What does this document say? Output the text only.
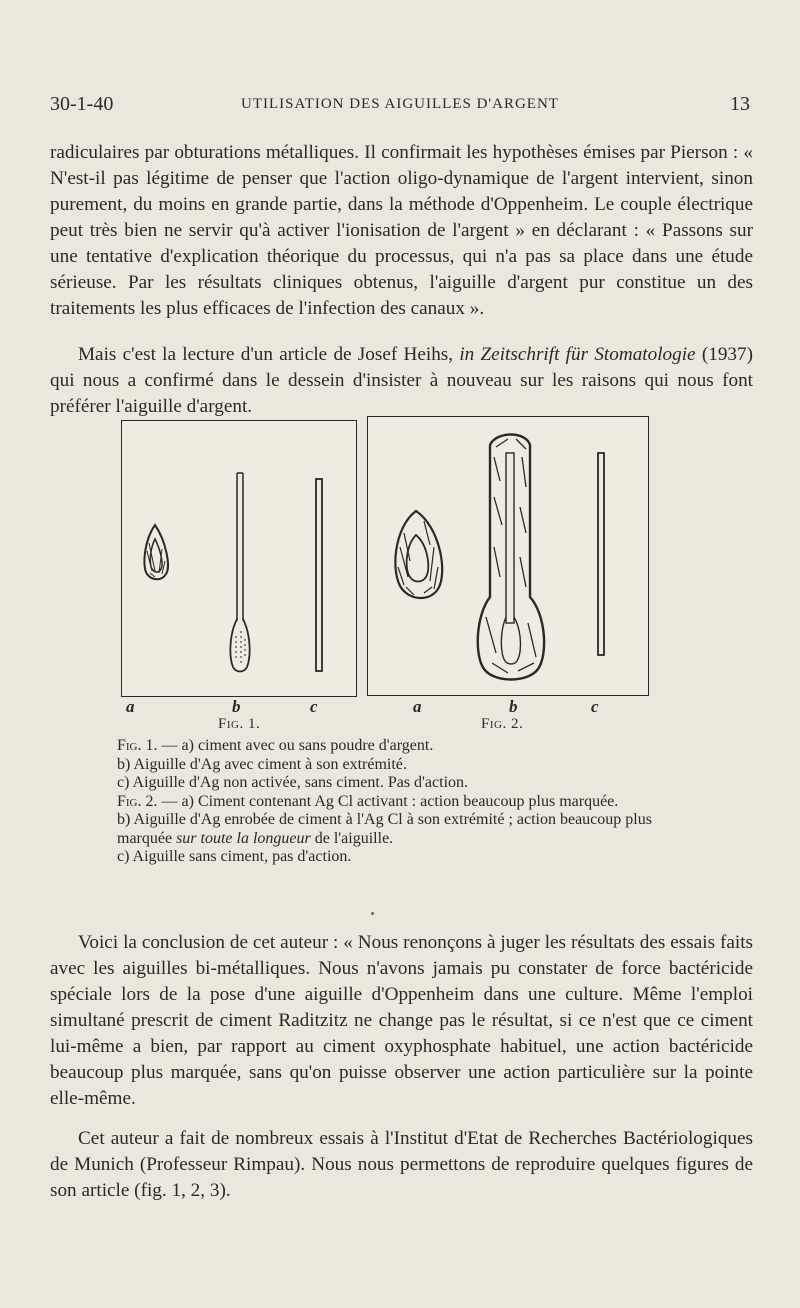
30-1-40	UTILISATION DES AIGUILLES D'ARGENT	13

radiculaires par obturations métalliques. Il confirmait les hypothèses émises par Pierson : « N'est-il pas légitime de penser que l'action oligo-dynamique de l'argent intervient, sinon purement, du moins en grande partie, dans la méthode d'Oppenheim. Le couple électrique peut très bien ne servir qu'à activer l'ionisation de l'argent » en déclarant : « Passons sur une tentative d'explication théorique du processus, qui n'a pas sa place dans une étude sérieuse. Par les résultats cliniques obtenus, l'aiguille d'argent pur constitue un des traitements les plus efficaces de l'infection des canaux ».

Mais c'est la lecture d'un article de Josef Heihs, in Zeitschrift für Stomatologie (1937) qui nous a confirmé dans le dessein d'insister à nouveau sur les raisons qui nous font préférer l'aiguille d'argent.

a	b	c	a	b	c
Fig. 1.	Fig. 2.

Fig. 1. — a) ciment avec ou sans poudre d'argent.

b) Aiguille d'Ag avec ciment à son extrémité.

c) Aiguille d'Ag non activée, sans ciment. Pas d'action.

Fig. 2. — a) Ciment contenant Ag Cl activant : action beaucoup plus marquée.

b) Aiguille d'Ag enrobée de ciment à l'Ag Cl à son extrémité ; action beaucoup plus marquée sur toute la longueur de l'aiguille.

c) Aiguille sans ciment, pas d'action.

Voici la conclusion de cet auteur : « Nous renonçons à juger les résultats des essais faits avec les aiguilles bi-métalliques. Nous n'avons jamais pu constater de force bactéricide spéciale lors de la pose d'une aiguille d'Oppenheim dans une culture. Même l'emploi simultané prescrit de ciment Raditzitz ne change pas le résultat, si ce n'est que ce ciment lui-même a bien, par rapport au ciment oxyphosphate habituel, une action bactéricide beaucoup plus marquée, sans qu'on puisse observer une action particulière sur la pointe elle-même.

Cet auteur a fait de nombreux essais à l'Institut d'Etat de Recherches Bactériologiques de Munich (Professeur Rimpau). Nous nous permettons de reproduire quelques figures de son article (fig. 1, 2, 3).
